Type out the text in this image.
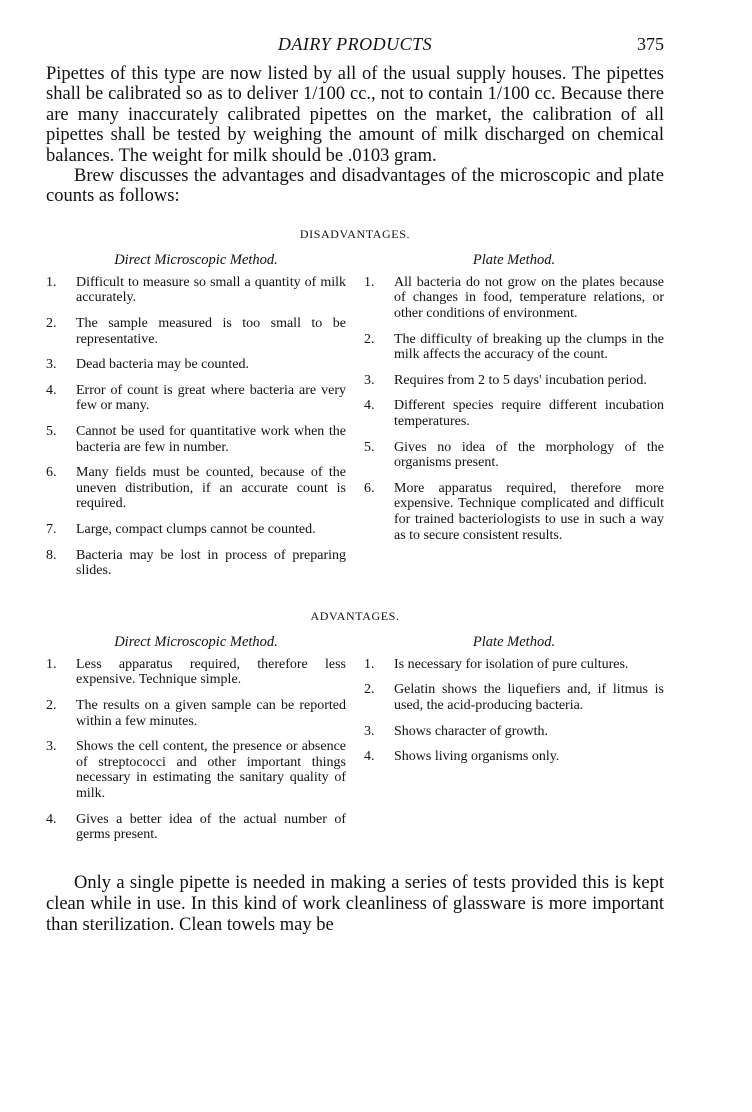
DAIRY PRODUCTS	375

Pipettes of this type are now listed by all of the usual supply houses. The pipettes shall be calibrated so as to deliver 1/100 cc., not to contain 1/100 cc. Because there are many inaccurately calibrated pipettes on the market, the calibration of all pipettes shall be tested by weighing the amount of milk discharged on chemical balances. The weight for milk should be .0103 gram.

Brew discusses the advantages and disadvantages of the microscopic and plate counts as follows:

DISADVANTAGES.
Direct Microscopic Method.
1. Difficult to measure so small a quantity of milk accurately.
2. The sample measured is too small to be representative.
3. Dead bacteria may be counted.
4. Error of count is great where bacteria are very few or many.
5. Cannot be used for quantitative work when the bacteria are few in number.
6. Many fields must be counted, because of the uneven distribution, if an accurate count is required.
7. Large, compact clumps cannot be counted.
8. Bacteria may be lost in process of preparing slides.
Plate Method.
1. All bacteria do not grow on the plates because of changes in food, temperature relations, or other conditions of environment.
2. The difficulty of breaking up the clumps in the milk affects the accuracy of the count.
3. Requires from 2 to 5 days' incubation period.
4. Different species require different incubation temperatures.
5. Gives no idea of the morphology of the organisms present.
6. More apparatus required, therefore more expensive. Technique complicated and difficult for trained bacteriologists to use in such a way as to secure consistent results.
ADVANTAGES.
Direct Microscopic Method.
1. Less apparatus required, therefore less expensive. Technique simple.
2. The results on a given sample can be reported within a few minutes.
3. Shows the cell content, the presence or absence of streptococci and other important things necessary in estimating the sanitary quality of milk.
4. Gives a better idea of the actual number of germs present.
Plate Method.
1. Is necessary for isolation of pure cultures.
2. Gelatin shows the liquefiers and, if litmus is used, the acid-producing bacteria.
3. Shows character of growth.
4. Shows living organisms only.

Only a single pipette is needed in making a series of tests provided this is kept clean while in use. In this kind of work cleanliness of glassware is more important than sterilization. Clean towels may be
